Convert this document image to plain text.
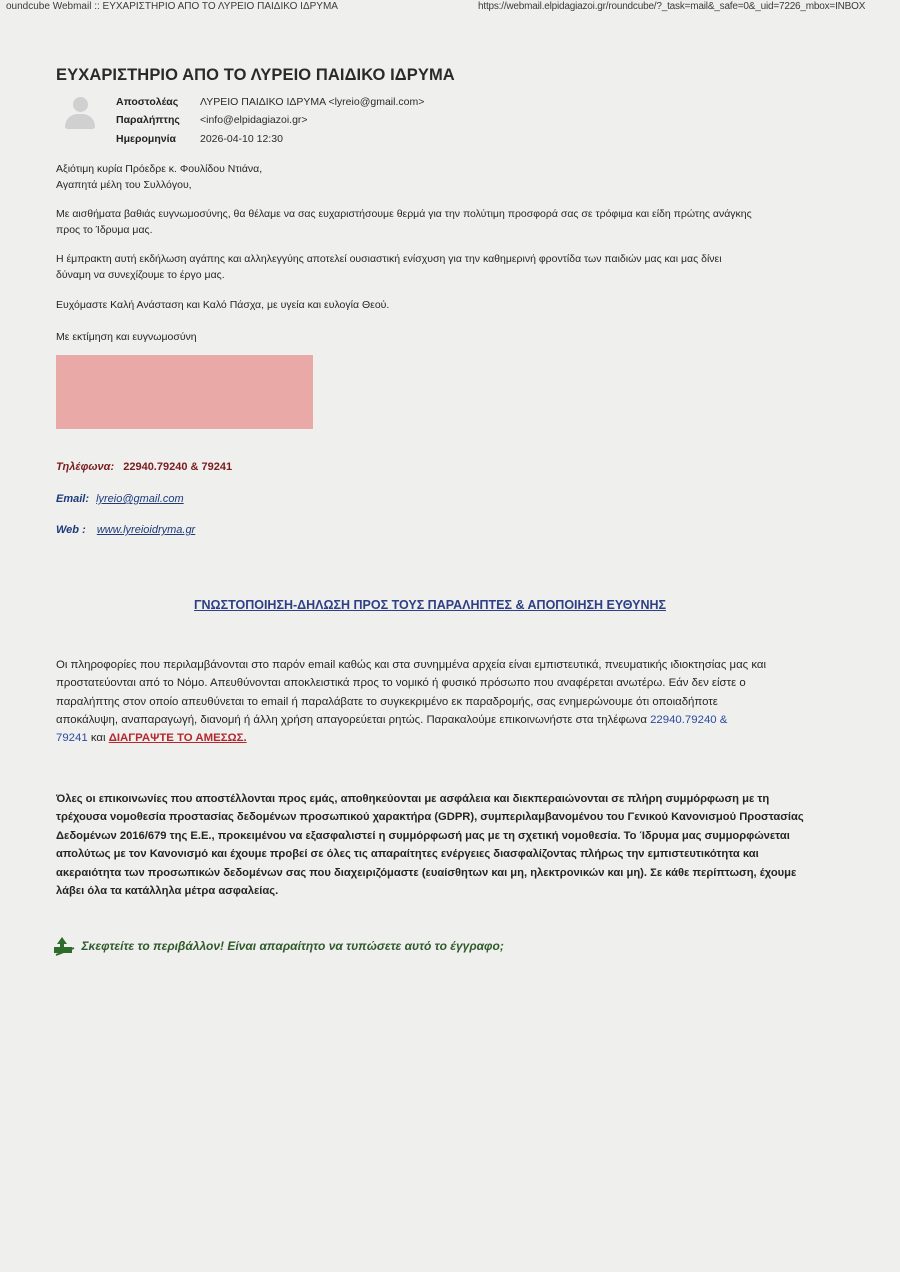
oundcube Webmail :: ΕΥΧΑΡΙΣΤΗΡΙΟ ΑΠΟ ΤΟ ΛΥΡΕΙΟ ΠΑΙΔΙΚΟ ΙΔΡΥΜΑ	https://webmail.elpidagiazoi.gr/roundcube/?_task=mail&_safe=0&_uid=7226_mbox=INBOX
ΕΥΧΑΡΙΣΤΗΡΙΟ ΑΠΟ ΤΟ ΛΥΡΕΙΟ ΠΑΙΔΙΚΟ ΙΔΡΥΜΑ
Αποστολέας	ΛΥΡΕΙΟ ΠΑΙΔΙΚΟ ΙΔΡΥΜΑ <lyreio@gmail.com>
Παραλήπτης	<info@elpidagiazoi.gr>
Ημερομηνία	2026-04-10 12:30
Αξιότιμη κυρία Πρόεδρε κ. Φουλίδου Ντιάνα,
Αγαπητά μέλη του Συλλόγου,
Με αισθήματα βαθιάς ευγνωμοσύνης, θα θέλαμε να σας ευχαριστήσουμε θερμά για την πολύτιμη προσφορά σας σε τρόφιμα και είδη πρώτης ανάγκης
προς το Ίδρυμα μας.
Η έμπρακτη αυτή εκδήλωση αγάπης και αλληλεγγύης αποτελεί ουσιαστική ενίσχυση για την καθημερινή φροντίδα των παιδιών μας και μας δίνει
δύναμη να συνεχίζουμε το έργο μας.
Ευχόμαστε Καλή Ανάσταση και Καλό Πάσχα, με υγεία και ευλογία Θεού.
Με εκτίμηση και ευγνωμοσύνη
Τηλέφωνα: 22940.79240 & 79241
Email: lyreio@gmail.com
Web : www.lyreioidryma.gr
ΓΝΩΣΤΟΠΟΙΗΣΗ-ΔΗΛΩΣΗ ΠΡΟΣ ΤΟΥΣ ΠΑΡΑΛΗΠΤΕΣ & ΑΠΟΠΟΙΗΣΗ ΕΥΘΥΝΗΣ
Οι πληροφορίες που περιλαμβάνονται στο παρόν email καθώς και στα συνημμένα αρχεία είναι εμπιστευτικά, πνευματικής ιδιοκτησίας μας και
προστατεύονται από το Νόμο. Απευθύνονται αποκλειστικά προς το νομικό ή φυσικό πρόσωπο που αναφέρεται ανωτέρω. Εάν δεν είστε ο
παραλήπτης στον οποίο απευθύνεται το email ή παραλάβατε το συγκεκριμένο εκ παραδρομής, σας ενημερώνουμε ότι οποιαδήποτε
αποκάλυψη, αναπαραγωγή, διανομή ή άλλη χρήση απαγορεύεται ρητώς. Παρακαλούμε επικοινωνήστε στα τηλέφωνα 22940.79240 &
79241 και ΔΙΑΓΡΑΨΤΕ ΤΟ ΑΜΕΣΩΣ.
Όλες οι επικοινωνίες που αποστέλλονται προς εμάς, αποθηκεύονται με ασφάλεια και διεκπεραιώνονται σε πλήρη συμμόρφωση με τη
τρέχουσα νομοθεσία προστασίας δεδομένων προσωπικού χαρακτήρα (GDPR), συμπεριλαμβανομένου του Γενικού Κανονισμού Προστασίας
Δεδομένων 2016/679 της Ε.Ε., προκειμένου να εξασφαλιστεί η συμμόρφωσή μας με τη σχετική νομοθεσία. Το Ίδρυμα μας συμμορφώνεται
απολύτως με τον Κανονισμό και έχουμε προβεί σε όλες τις απαραίτητες ενέργειες διασφαλίζοντας πλήρως την εμπιστευτικότητα και
ακεραιότητα των προσωπικών δεδομένων σας που διαχειριζόμαστε (ευαίσθητων και μη, ηλεκτρονικών και μη). Σε κάθε περίπτωση, έχουμε
λάβει όλα τα κατάλληλα μέτρα ασφαλείας.
Σκεφτείτε το περιβάλλον! Είναι απαραίτητο να τυπώσετε αυτό το έγγραφο;
